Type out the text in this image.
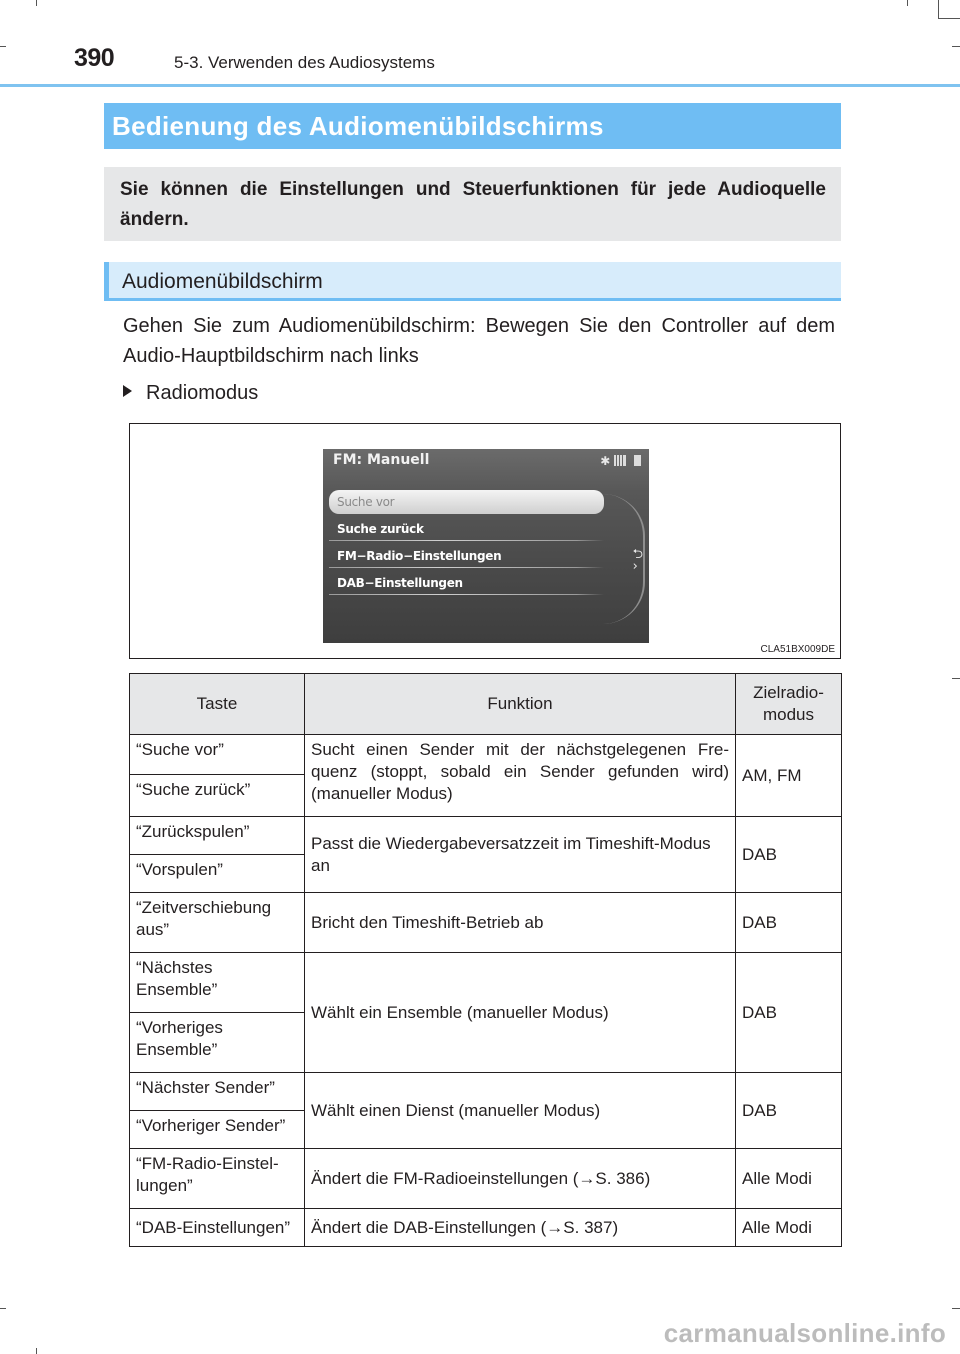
390	5-3. Verwenden des Audiosystems
Bedienung des Audiomenübildschirms
Sie können die Einstellungen und Steuerfunktionen für jede Audioquelle ändern.
Audiomenübildschirm
Gehen Sie zum Audiomenübildschirm: Bewegen Sie den Controller auf dem Audio-Hauptbildschirm nach links
Radiomodus
FM: Manuell	✱
Suche vor
Suche zurück
FM−Radio−Einstellungen
DAB−Einstellungen
⮌
›
CLA51BX009DE
Taste	Funktion	Zielradio-
modus
“Suche vor”	Sucht einen Sender mit der nächstgelegenen Fre-quenz (stoppt, sobald ein Sender gefunden wird) (manueller Modus)	AM, FM
“Suche zurück”		
“Zurückspulen”	Passt die Wiedergabeversatzzeit im Timeshift-Modus an	DAB
“Vorspulen”		
“Zeitverschiebung aus”	Bricht den Timeshift-Betrieb ab	DAB
“Nächstes Ensemble”	Wählt ein Ensemble (manueller Modus)	DAB
“Vorheriges Ensemble”		
“Nächster Sender”	Wählt einen Dienst (manueller Modus)	DAB
“Vorheriger Sender”		
“FM-Radio-Einstel-lungen”	Ändert die FM-Radioeinstellungen (→S. 386)	Alle Modi
“DAB-Einstellungen”	Ändert die DAB-Einstellungen (→S. 387)	Alle Modi
carmanualsonline.info
